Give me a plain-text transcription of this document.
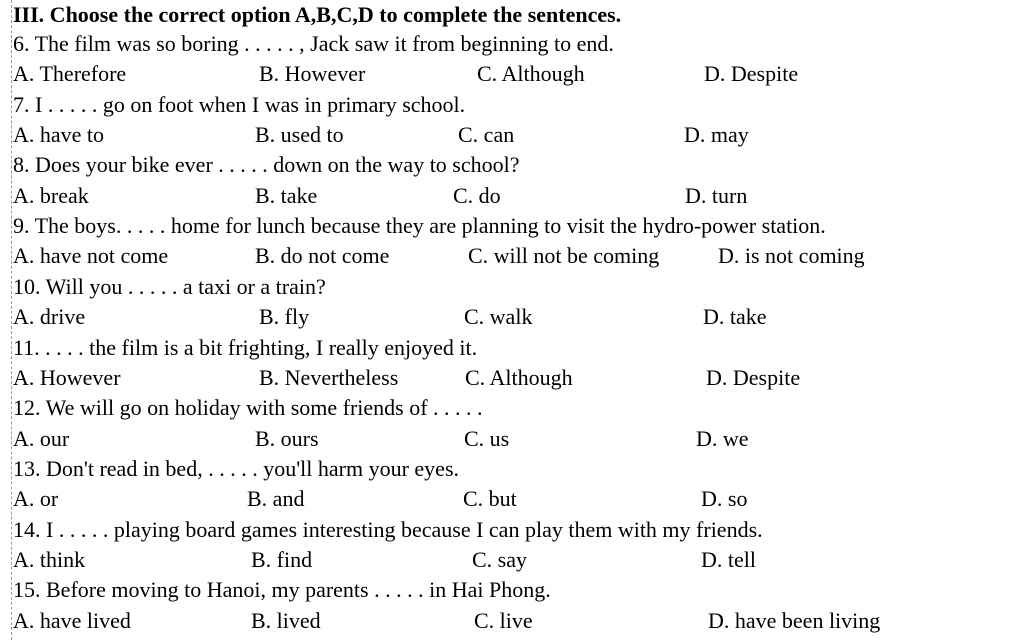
III. Choose the correct option A,B,C,D to complete the sentences.
6. The film was so boring . . . . . , Jack saw it from beginning to end.
A. Therefore	B. However	C. Although	D. Despite
7. I . . . . . go on foot when I was in primary school.
A. have to	B. used to	C. can	D. may
8. Does your bike ever . . . . . down on the way to school?
A. break	B. take	C. do	D. turn
9. The boys. . . . . home for lunch because they are planning to visit the hydro-power station.
A. have not come	B. do not come	C. will not be coming	D. is not coming
10. Will you . . . . . a taxi or a train?
A. drive	B. fly	C. walk	D. take
11. . . . . the film is a bit frighting, I really enjoyed it.
A. However	B. Nevertheless	C. Although	D. Despite
12. We will go on holiday with some friends of . . . . .
A. our	B. ours	C. us	D. we
13. Don't read in bed, . . . . . you'll harm your eyes.
A. or	B. and	C. but	D. so
14. I . . . . . playing board games interesting because I can play them with my friends.
A. think	B. find	C. say	D. tell
15. Before moving to Hanoi, my parents . . . . . in Hai Phong.
A. have lived	B. lived	C. live	D. have been living
